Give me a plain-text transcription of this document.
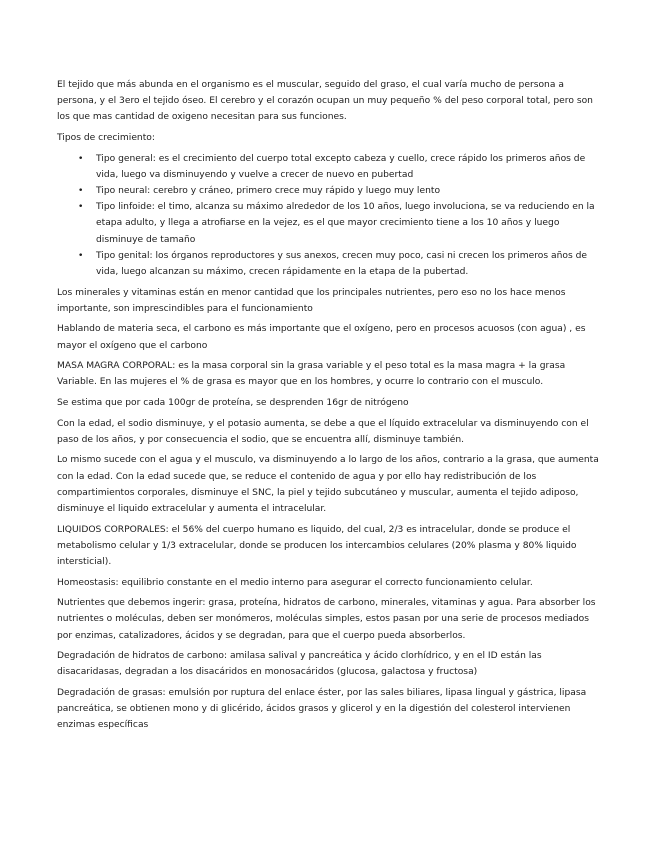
El tejido que más abunda en el organismo es el muscular, seguido del graso, el cual varía mucho de persona a persona, y el 3ero el tejido óseo. El cerebro y el corazón ocupan un muy pequeño % del peso corporal total, pero son los que mas cantidad de oxigeno necesitan para sus funciones.

Tipos de crecimiento:

• Tipo general: es el crecimiento del cuerpo total excepto cabeza y cuello, crece rápido los primeros años de vida, luego va disminuyendo y vuelve a crecer de nuevo en pubertad
• Tipo neural: cerebro y cráneo, primero crece muy rápido y luego muy lento
• Tipo linfoide: el timo, alcanza su máximo alrededor de los 10 años, luego involuciona, se va reduciendo en la etapa adulto, y llega a atrofiarse en la vejez, es el que mayor crecimiento tiene a los 10 años y luego disminuye de tamaño
• Tipo genital: los órganos reproductores y sus anexos, crecen muy poco, casi ni crecen los primeros años de vida, luego alcanzan su máximo, crecen rápidamente en la etapa de la pubertad.

Los minerales y vitaminas están en menor cantidad que los principales nutrientes, pero eso no los hace menos importante, son imprescindibles para el funcionamiento

Hablando de materia seca, el carbono es más importante que el oxígeno, pero en procesos acuosos (con agua) , es mayor el oxígeno que el carbono

MASA MAGRA CORPORAL: es la masa corporal sin la grasa variable y el peso total es la masa magra + la grasa Variable. En las mujeres el % de grasa es mayor que en los hombres, y ocurre lo contrario con el musculo.

Se estima que por cada 100gr de proteína, se desprenden 16gr de nitrógeno

Con la edad, el sodio disminuye, y el potasio aumenta, se debe a que el líquido extracelular va disminuyendo con el paso de los años, y por consecuencia el sodio, que se encuentra allí, disminuye también.

Lo mismo sucede con el agua y el musculo, va disminuyendo a lo largo de los años, contrario a la grasa, que aumenta con la edad. Con la edad sucede que, se reduce el contenido de agua y por ello hay redistribución de los compartimientos corporales, disminuye el SNC, la piel y tejido subcutáneo y muscular, aumenta el tejido adiposo, disminuye el liquido extracelular y aumenta el intracelular.

LIQUIDOS CORPORALES: el 56% del cuerpo humano es liquido, del cual, 2/3 es intracelular, donde se produce el metabolismo celular y 1/3 extracelular, donde se producen los intercambios celulares (20% plasma y 80% liquido intersticial).

Homeostasis: equilibrio constante en el medio interno para asegurar el correcto funcionamiento celular.

Nutrientes que debemos ingerir: grasa, proteína, hidratos de carbono, minerales, vitaminas y agua. Para absorber los nutrientes o moléculas, deben ser monómeros, moléculas simples, estos pasan por una serie de procesos mediados por enzimas, catalizadores, ácidos y se degradan, para que el cuerpo pueda absorberlos.

Degradación de hidratos de carbono: amilasa salival y pancreática y ácido clorhídrico, y en el ID están las disacaridasas, degradan a los disacáridos en monosacáridos (glucosa, galactosa y fructosa)

Degradación de grasas: emulsión por ruptura del enlace éster, por las sales biliares, lipasa lingual y gástrica, lipasa pancreática, se obtienen mono y di glicérido, ácidos grasos y glicerol y en la digestión del colesterol intervienen enzimas específicas
